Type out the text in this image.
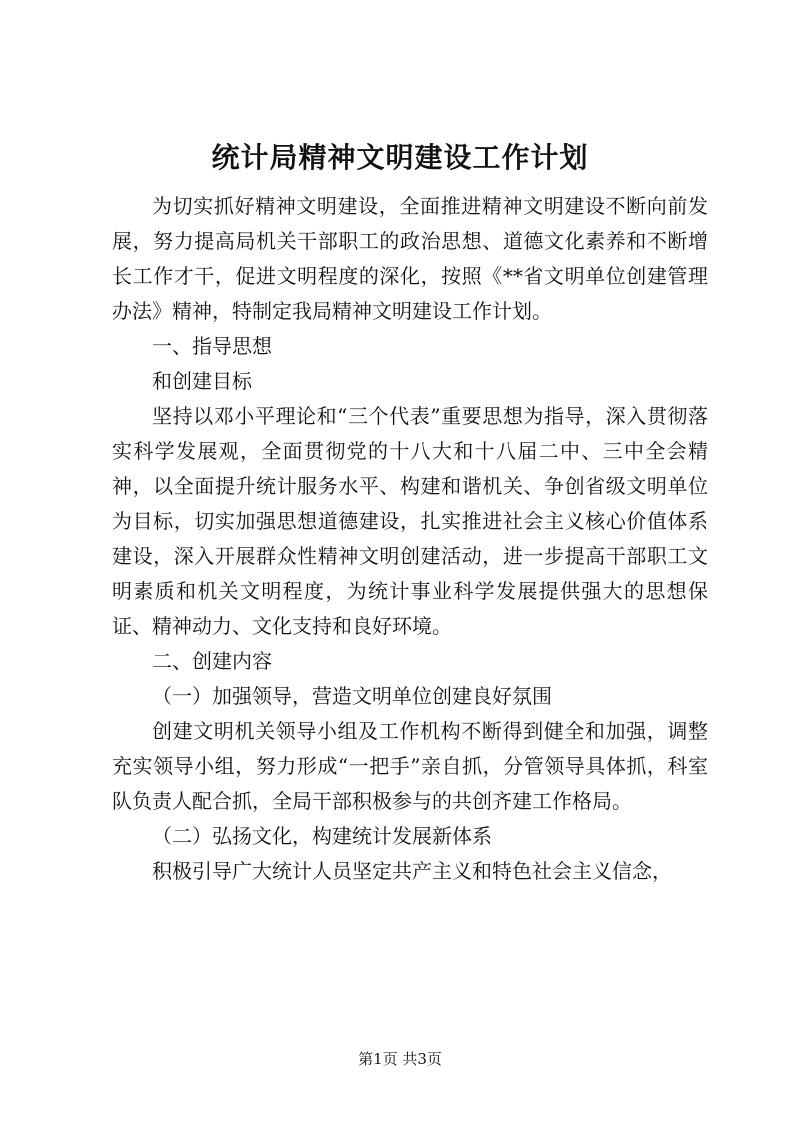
统计局精神文明建设工作计划

为切实抓好精神文明建设，全面推进精神文明建设不断向前发展，努力提高局机关干部职工的政治思想、道德文化素养和不断增长工作才干，促进文明程度的深化，按照《**省文明单位创建管理办法》精神，特制定我局精神文明建设工作计划。

一、指导思想

和创建目标

坚持以邓小平理论和“三个代表”重要思想为指导，深入贯彻落实科学发展观，全面贯彻党的十八大和十八届二中、三中全会精神，以全面提升统计服务水平、构建和谐机关、争创省级文明单位为目标，切实加强思想道德建设，扎实推进社会主义核心价值体系建设，深入开展群众性精神文明创建活动，进一步提高干部职工文明素质和机关文明程度，为统计事业科学发展提供强大的思想保证、精神动力、文化支持和良好环境。

二、创建内容

（一）加强领导，营造文明单位创建良好氛围

创建文明机关领导小组及工作机构不断得到健全和加强，调整充实领导小组，努力形成“一把手”亲自抓，分管领导具体抓，科室队负责人配合抓，全局干部积极参与的共创齐建工作格局。

（二）弘扬文化，构建统计发展新体系

积极引导广大统计人员坚定共产主义和特色社会主义信念，

第1页 共3页
